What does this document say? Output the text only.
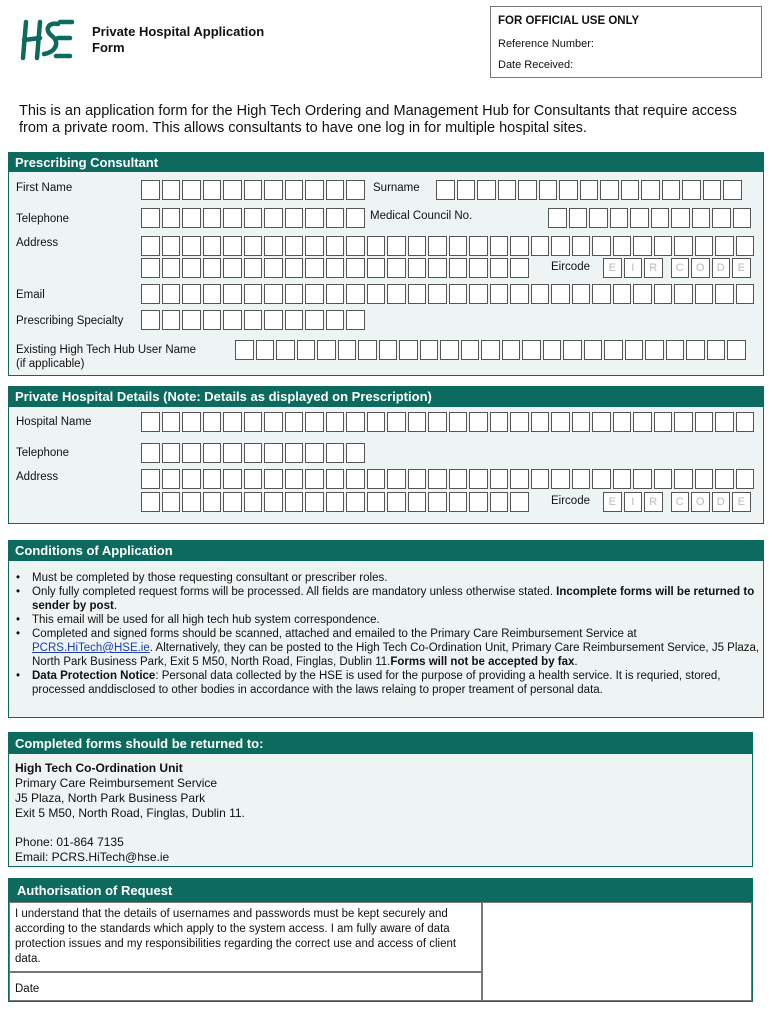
Private Hospital Application
Form
FOR OFFICIAL USE ONLY
Reference Number:
Date Received:
This is an application form for the High Tech Ordering and Management Hub for Consultants that require access from a private room. This allows consultants to have one log in for multiple hospital sites.
Prescribing Consultant
First Name	Surname
Telephone	Medical Council No.
Address
Eircode	E	I	R	C	O	D	E
Email
Prescribing Specialty
Existing High Tech Hub User Name
(if applicable)
Private Hospital Details (Note: Details as displayed on Prescription)
Hospital Name
Telephone
Address
Eircode	E	I	R	C	O	D	E
Conditions of Application
• Must be completed by those requesting consultant or prescriber roles.
• Only fully completed request forms will be processed. All fields are mandatory unless otherwise stated. Incomplete forms will be returned to sender by post.
• This email will be used for all high tech hub system correspondence.
• Completed and signed forms should be scanned, attached and emailed to the Primary Care Reimbursement Service at PCRS.HiTech@HSE.ie. Alternatively, they can be posted to the High Tech Co-Ordination Unit, Primary Care Reimbursement Service, J5 Plaza, North Park Business Park, Exit 5 M50, North Road, Finglas, Dublin 11.Forms will not be accepted by fax.
• Data Protection Notice: Personal data collected by the HSE is used for the purpose of providing a health service. It is requried, stored, processed anddisclosed to other bodies in accordance with the laws relaing to proper treament of personal data.
Completed forms should be returned to:
High Tech Co-Ordination Unit
Primary Care Reimbursement Service
J5 Plaza, North Park Business Park
Exit 5 M50, North Road, Finglas, Dublin 11.
Phone: 01-864 7135
Email: PCRS.HiTech@hse.ie
Authorisation of Request
I understand that the details of usernames and passwords must be kept securely and according to the standards which apply to the system access. I am fully aware of data protection issues and my responsibilities regarding the correct use and access of client data.
Date
